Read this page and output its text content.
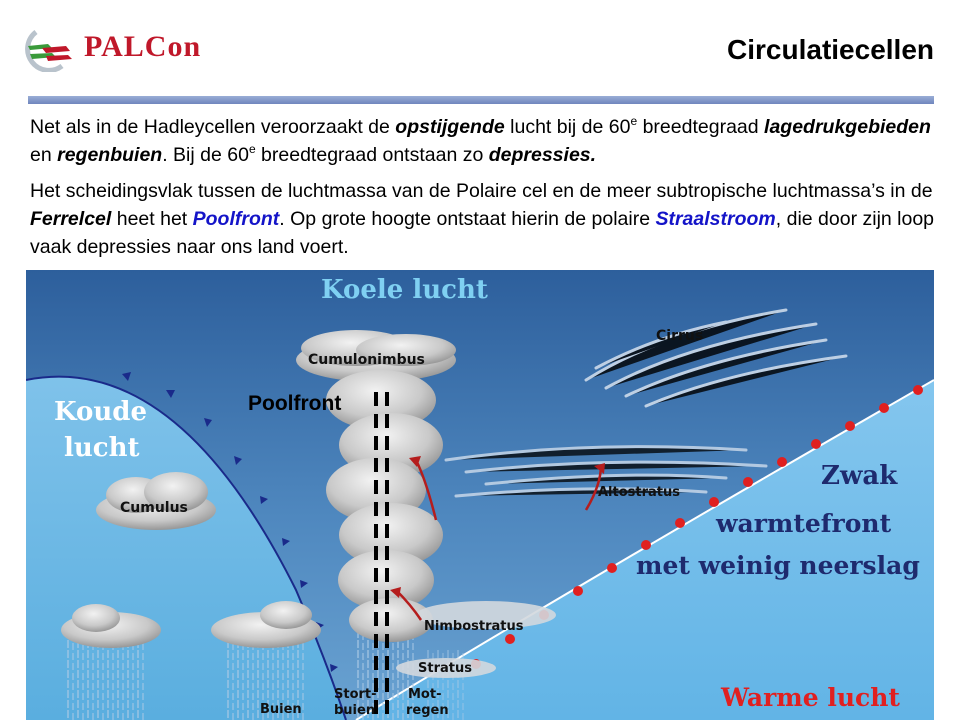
PALCon	Circulatiecellen

Net als in de Hadleycellen veroorzaakt de opstijgende lucht bij de 60e breedtegraad lagedrukgebieden en regenbuien. Bij de 60e breedtegraad ontstaan zo depressies.

Het scheidingsvlak tussen de luchtmassa van de Polaire cel en de meer subtropische luchtmassa’s in de Ferrelcel heet het Poolfront. Op grote hoogte ontstaat hierin de polaire Straalstroom, die door zijn loop vaak depressies naar ons land voert.

Koele lucht
Koude
lucht
Cumulonimbus
Cirrus
Poolfront
Zwak
warmtefront
met weinig neerslag
Altostratus
Cumulus
Nimbostratus
Stratus
Buien
Stort-
buien
Mot-
regen	Warme lucht
